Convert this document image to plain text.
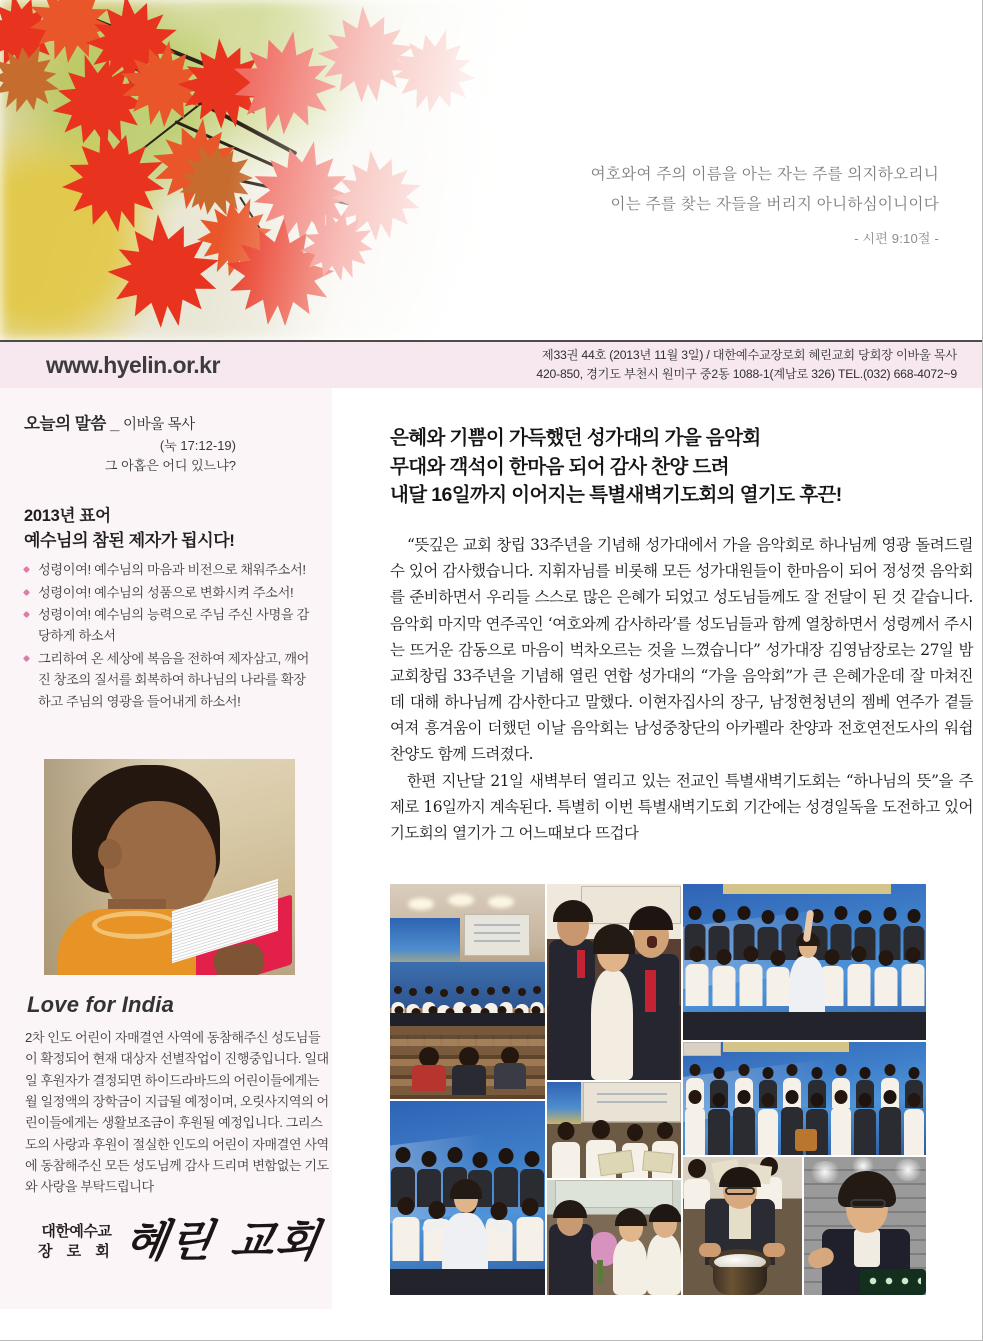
여호와여 주의 이름을 아는 자는 주를 의지하오리니
이는 주를 찾는 자들을 버리지 아니하심이니이다
- 시편 9:10절 -
www.hyelin.or.kr	제33권 44호 (2013년 11월 3일) / 대한예수교장로회 혜린교회 당회장 이바울 목사
420-850, 경기도 부천시 원미구 중2동 1088-1(계남로 326) TEL.(032) 668-4072~9
오늘의 말씀 _ 이바울 목사
(눅 17:12-19)
그 아홉은 어디 있느냐?
2013년 표어
예수님의 참된 제자가 됩시다!
성령이여! 예수님의 마음과 비전으로 채워주소서!
성령이여! 예수님의 성품으로 변화시켜 주소서!
성령이여! 예수님의 능력으로 주님 주신 사명을 감당하게 하소서
그리하여 온 세상에 복음을 전하여 제자삼고, 깨어진 창조의 질서를 회복하여 하나님의 나라를 확장하고 주님의 영광을 들어내게 하소서!
Love for India
2차 인도 어린이 자매결연 사역에 동참해주신 성도님들이 확정되어 현재 대상자 선별작업이 진행중입니다. 일대일 후원자가 결정되면 하이드라바드의 어린이들에게는 월 일정액의 장학금이 지급될 예정이며, 오릿사지역의 어린이들에게는 생활보조금이 후원될 예정입니다. 그리스도의 사랑과 후원이 절실한 인도의 어린이 자매결연 사역에 동참해주신 모든 성도님께 감사 드리며 변함없는 기도와 사랑을 부탁드립니다
대한예수교
장 로 회 혜린 교회
은혜와 기쁨이 가득했던 성가대의 가을 음악회
무대와 객석이 한마음 되어 감사 찬양 드려
내달 16일까지 이어지는 특별새벽기도회의 열기도 후끈!

“뜻깊은 교회 창립 33주년을 기념해 성가대에서 가을 음악회로 하나님께 영광 돌려드릴 수 있어 감사했습니다. 지휘자님를 비롯해 모든 성가대원들이 한마음이 되어 정성껏 음악회를 준비하면서 우리들 스스로 많은 은혜가 되었고 성도님들께도 잘 전달이 된 것 같습니다. 음악회 마지막 연주곡인 ‘여호와께 감사하라’를 성도님들과 함께 열창하면서 성령께서 주시는 뜨거운 감동으로 마음이 벅차오르는 것을 느꼈습니다” 성가대장 김영남장로는 27일 밤 교회창립 33주년을 기념해 열린 연합 성가대의 “가을 음악회”가 큰 은혜가운데 잘 마쳐진데 대해 하나님께 감사한다고 말했다. 이현자집사의 장구, 남정현청년의 젬베 연주가 곁들여져 흥겨움이 더했던 이날 음악회는 남성중창단의 아카펠라 찬양과 전호연전도사의 워쉽찬양도 함께 드려졌다.

한편 지난달 21일 새벽부터 열리고 있는 전교인 특별새벽기도회는 “하나님의 뜻”을 주제로 16일까지 계속된다. 특별히 이번 특별새벽기도회 기간에는 성경일독을 도전하고 있어 기도회의 열기가 그 어느때보다 뜨겁다
